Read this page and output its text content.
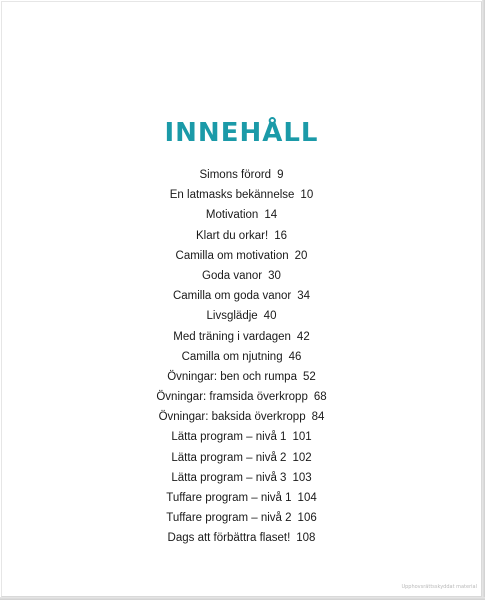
INNEHÅLL
Simons förord 9
En latmasks bekännelse 10
Motivation 14
Klart du orkar! 16
Camilla om motivation 20
Goda vanor 30
Camilla om goda vanor 34
Livsglädje 40
Med träning i vardagen 42
Camilla om njutning 46
Övningar: ben och rumpa 52
Övningar: framsida överkropp 68
Övningar: baksida överkropp 84
Lätta program – nivå 1 101
Lätta program – nivå 2 102
Lätta program – nivå 3 103
Tuffare program – nivå 1 104
Tuffare program – nivå 2 106
Dags att förbättra flaset! 108
Upphovsrättsskyddat material
